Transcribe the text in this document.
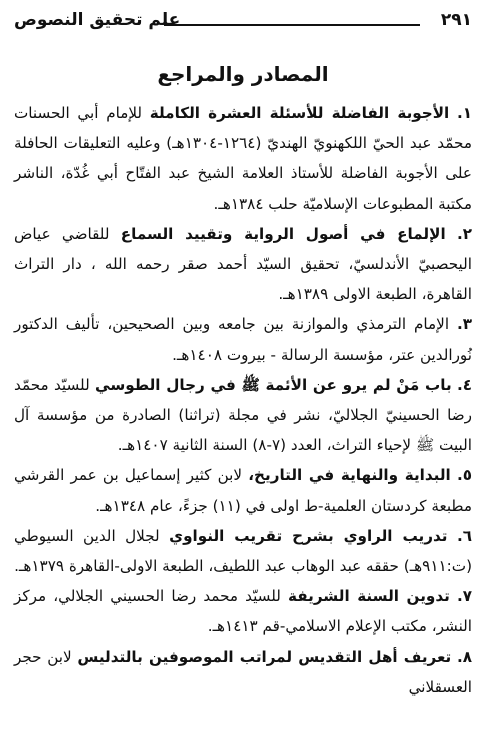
٢٩١
علم تحقيق النصوص
المصادر والمراجع

١. الأجوبة الفاضلة للأسئلة العشرة الكاملة للإمام أبي الحسنات محمّد عبد الحيّ اللكهنويّ الهنديّ (١٢٦٤-١٣٠٤هـ) وعليه التعليقات الحافلة على الأجوبة الفاضلة للأستاذ العلامة الشيخ عبد الفتّاح أبي غُدّة، الناشر مكتبة المطبوعات الإسلاميّة حلب ١٣٨٤هـ.

٢. الإلماع في أصول الرواية وتقييد السماع للقاضي عياض اليحصبيّ الأندلسيّ، تحقيق السيّد أحمد صقر رحمه الله ، دار التراث القاهرة، الطبعة الاولى ١٣٨٩هـ.

٣. الإمام الترمذي والموازنة بين جامعه وبين الصحيحين، تأليف الدكتور نُورالدين عتر، مؤسسة الرسالة - بيروت ١٤٠٨هـ.

٤. باب مَنْ لم يرو عن الأئمة ﷺ في رجال الطوسي للسيّد محمّد رضا الحسينيّ الجلاليّ، نشر في مجلة (تراثنا) الصادرة من مؤسسة آل البيت ﷺ لإحياء التراث، العدد (٧-٨) السنة الثانية ١٤٠٧هـ.

٥. البداية والنهاية في التاريخ، لابن كثير إسماعيل بن عمر القرشي مطبعة كردستان العلمية-ط اولى في (١١) جزءً، عام ١٣٤٨هـ.

٦. تدريب الراوي بشرح تقريب النواوي لجلال الدين السيوطي (ت:٩١١هـ) حققه عبد الوهاب عبد اللطيف، الطبعة الاولى-القاهرة ١٣٧٩هـ.

٧. تدوين السنة الشريفة للسيّد محمد رضا الحسيني الجلالي، مركز النشر، مكتب الإعلام الاسلامي-قم ١٤١٣هـ.

٨. تعريف أهل التقديس لمراتب الموصوفين بالتدليس لابن حجر العسقلاني
